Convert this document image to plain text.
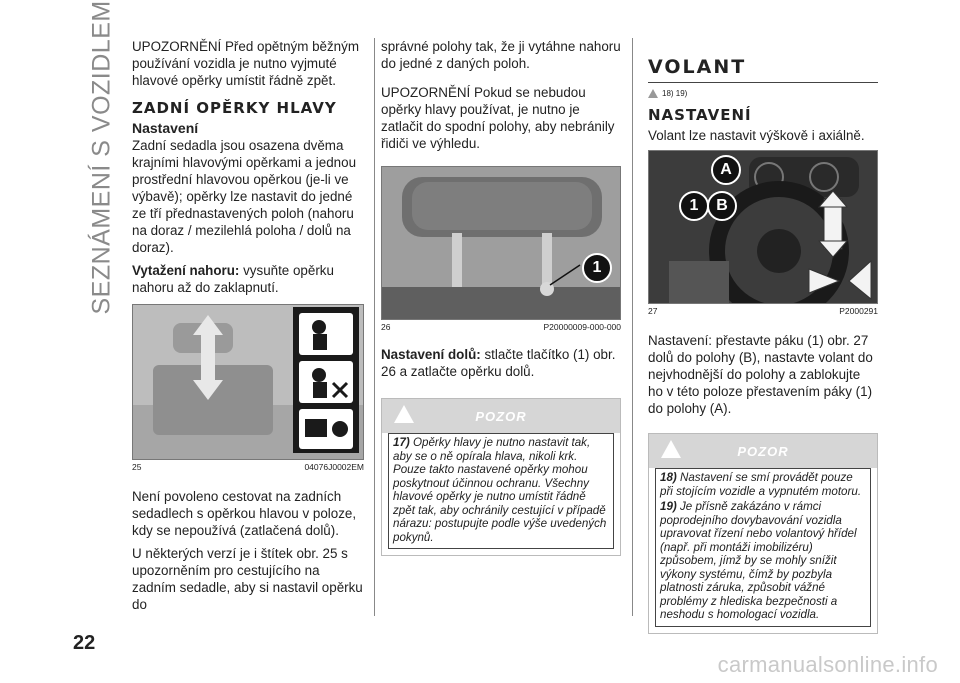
SEZNÁMENÍ S VOZIDLEM UPOZORNĚNÍ Před opětným běžným používání vozidla je nutno vyjmuté hlavové opěrky umístit řádně zpět.

ZADNÍ OPĚRKY HLAVY
Nastavení

Zadní sedadla jsou osazena dvěma krajními hlavovými opěrkami a jednou prostřední hlavovou opěrkou (je-li ve výbavě); opěrky lze nastavit do jedné ze tří přednastavených poloh (nahoru na doraz / mezilehlá poloha / dolů na doraz).

Vytažení nahoru: vysuňte opěrku nahoru až do zaklapnutí.

25	04076J0002EM

Není povoleno cestovat na zadních sedadlech s opěrkou hlavou v poloze, kdy se nepoužívá (zatlačená dolů).

U některých verzí je i štítek obr. 25 s upozorněním pro cestujícího na zadním sedadle, aby si nastavil opěrku do

správné polohy tak, že ji vytáhne nahoru do jedné z daných poloh.

UPOZORNĚNÍ Pokud se nebudou opěrky hlavy používat, je nutno je zatlačit do spodní polohy, aby nebránily řidiči ve výhledu.

1
26	P20000009-000-000

Nastavení dolů: stlačte tlačítko (1) obr. 26 a zatlačte opěrku dolů.

POZOR

17) Opěrky hlavy je nutno nastavit tak, aby se o ně opírala hlava, nikoli krk. Pouze takto nastavené opěrky mohou poskytnout účinnou ochranu. Všechny hlavové opěrky je nutno umístit řádně zpět tak, aby ochránily cestující v případě nárazu: postupujte podle výše uvedených pokynů.

VOLANT
18) 19)
NASTAVENÍ

Volant lze nastavit výškově i axiálně.

A
1	B
27	P2000291

Nastavení: přestavte páku (1) obr. 27 dolů do polohy (B), nastavte volant do nejvhodnější do polohy a zablokujte ho v této poloze přestavením páky (1) do polohy (A).

POZOR

18) Nastavení se smí provádět pouze při stojícím vozidle a vypnutém motoru.

19) Je přísně zakázáno v rámci poprodejního dovybavování vozidla upravovat řízení nebo volantový hřídel (např. při montáži imobilizéru) způsobem, jímž by se mohly snížit výkony systému, čímž by pozbyla platnosti záruka, způsobit vážné problémy z hlediska bezpečnosti a neshodu s homologací vozidla.

22
carmanualsonline.info
